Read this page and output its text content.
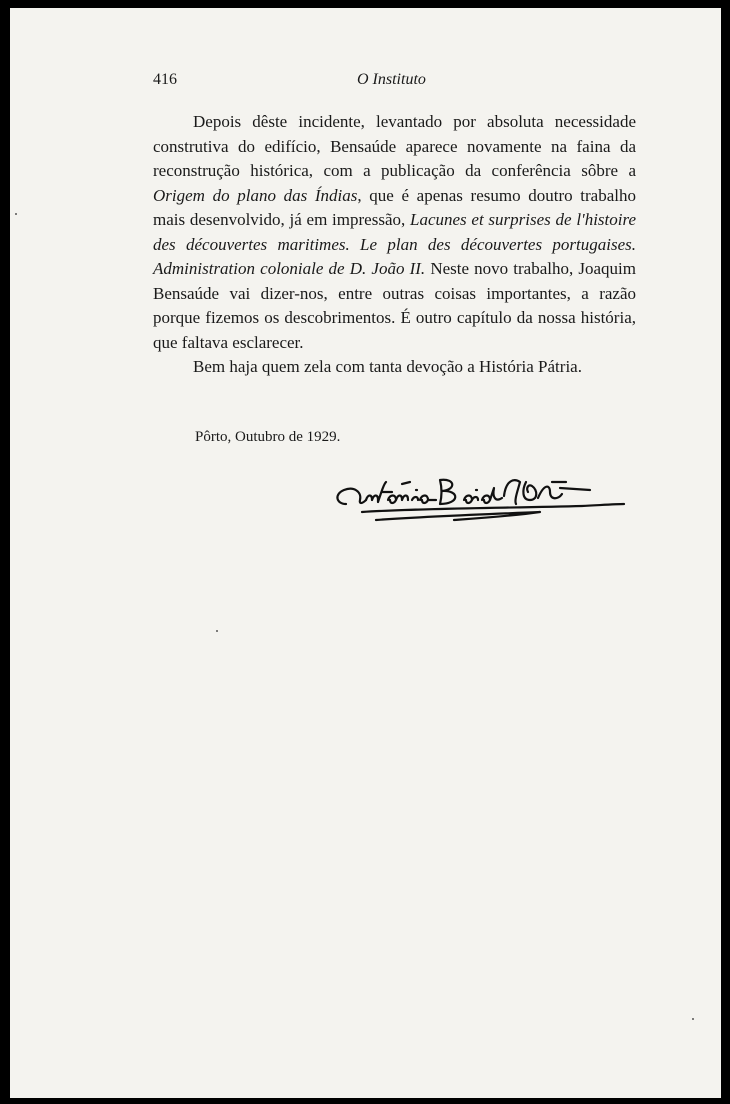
416	O Instituto

Depois dêste incidente, levantado por absoluta necessidade construtiva do edifício, Bensaúde aparece novamente na faina da reconstrução histórica, com a publicação da conferência sôbre a Origem do plano das Índias, que é apenas resumo doutro trabalho mais desenvolvido, já em impressão, Lacunes et surprises de l'histoire des découvertes maritimes. Le plan des découvertes portugaises. Administration coloniale de D. João II. Neste novo trabalho, Joaquim Bensaúde vai dizer-nos, entre outras coisas importantes, a razão porque fizemos os descobrimentos. É outro capítulo da nossa história, que faltava esclarecer.

Bem haja quem zela com tanta devoção a História Pátria.

Pôrto, Outubro de 1929.
